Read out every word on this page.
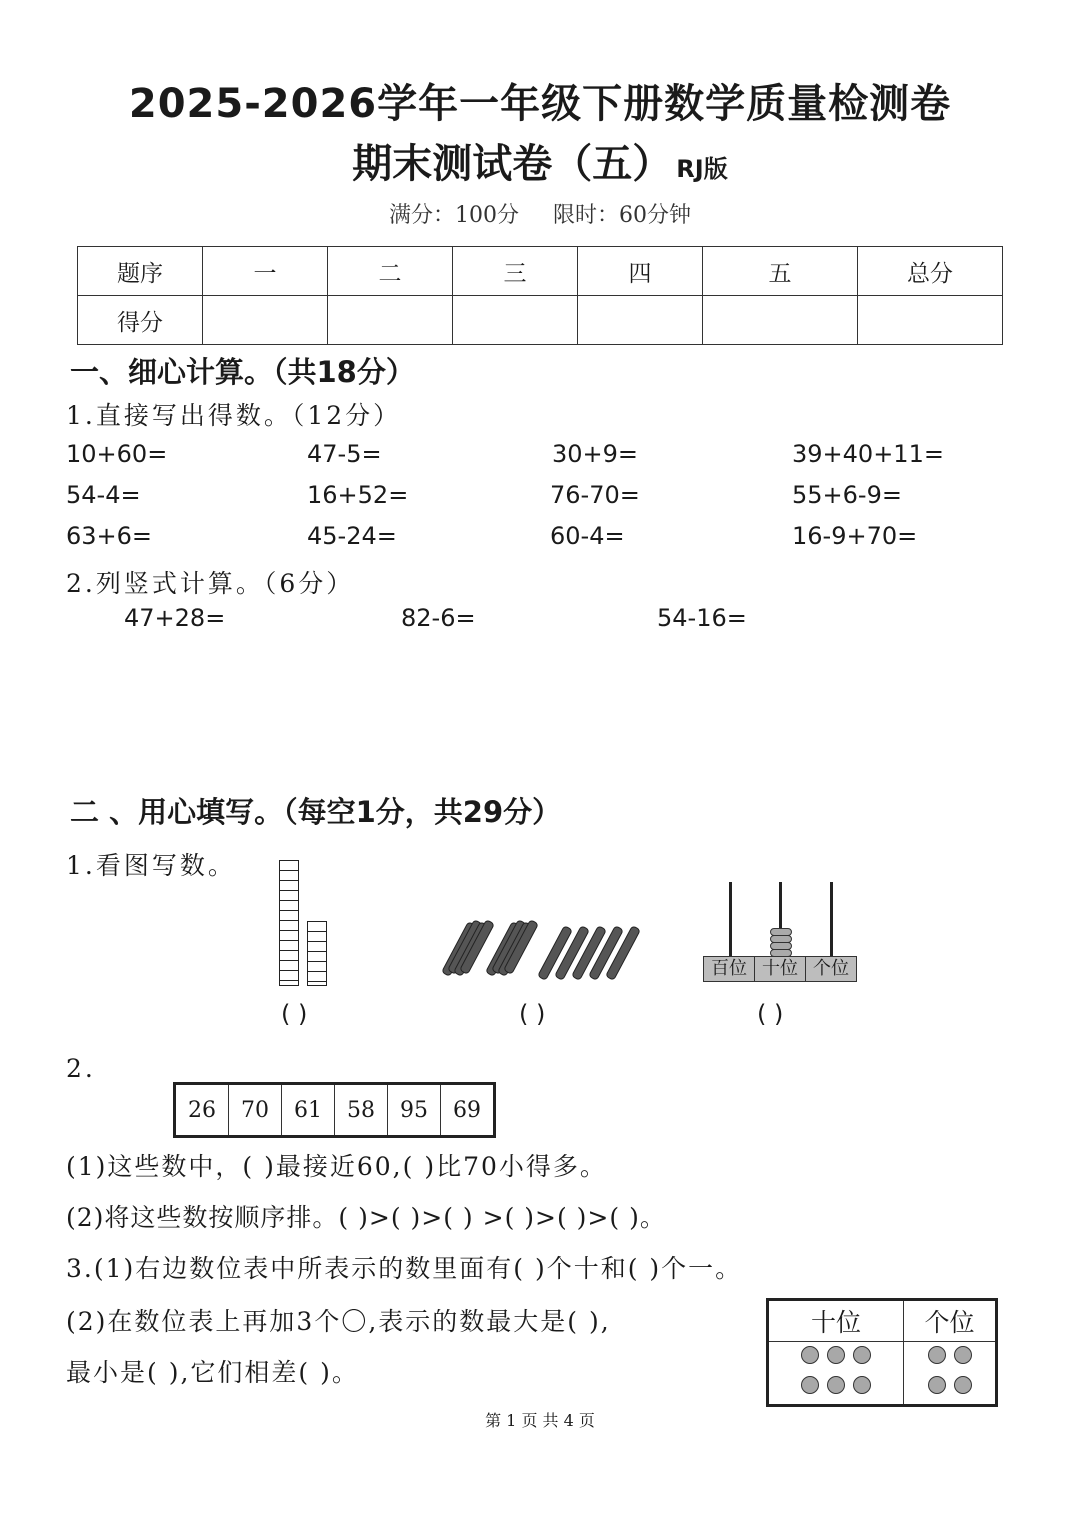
2025-2026学年一年级下册数学质量检测卷
期末测试卷（五） RJ版
满分：100分 限时：60分钟
题序	一	二	三	四	五	总分
得分						
一、细心计算。（共18分）
1.直接写出得数。（12分）
10+60=	47-5=	30+9=	39+40+11=
54-4=	16+52=	76-70=	55+6-9=
63+6=	45-24=	60-4=	16-9+70=
2.列竖式计算。（6分）
47+28=	82-6=	54-16=
二 、用心填写。（每空1分，共29分）
1.看图写数。
百位 十位 个位
( )	( )	( )
2.
26	70	61	58	95	69
(1)这些数中，( )最接近60,( )比70小得多。
(2)将这些数按顺序排。( )>( )>( ) >( )>( )>( )。
3.(1)右边数位表中所表示的数里面有( )个十和( )个一。
(2)在数位表上再加3个〇,表示的数最大是( ),
最小是( ),它们相差( )。
十位	个位

第 1 页 共 4 页
